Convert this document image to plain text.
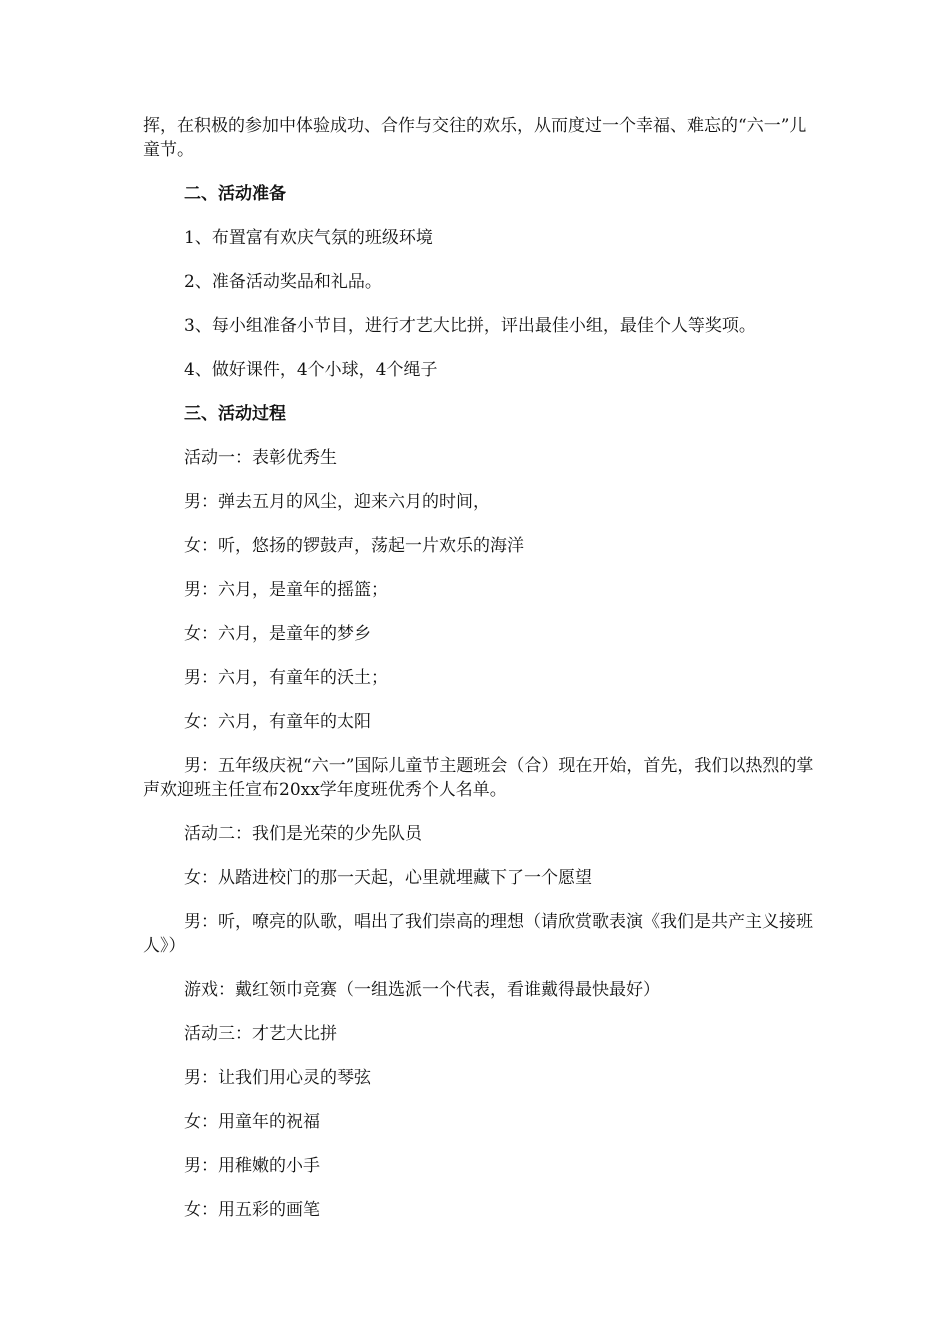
挥，在积极的参加中体验成功、合作与交往的欢乐，从而度过一个幸福、难忘的“六一”儿童节。

二、活动准备

1、布置富有欢庆气氛的班级环境

2、准备活动奖品和礼品。

3、每小组准备小节目，进行才艺大比拼，评出最佳小组，最佳个人等奖项。

4、做好课件，4个小球，4个绳子

三、活动过程

活动一：表彰优秀生

男：弹去五月的风尘，迎来六月的时间，

女：听，悠扬的锣鼓声，荡起一片欢乐的海洋

男：六月，是童年的摇篮；

女：六月，是童年的梦乡

男：六月，有童年的沃土；

女：六月，有童年的太阳

男：五年级庆祝“六一”国际儿童节主题班会（合）现在开始，首先，我们以热烈的掌声欢迎班主任宣布20xx学年度班优秀个人名单。

活动二：我们是光荣的少先队员

女：从踏进校门的那一天起，心里就埋藏下了一个愿望

男：听，嘹亮的队歌，唱出了我们崇高的理想（请欣赏歌表演《我们是共产主义接班人》）

游戏：戴红领巾竞赛（一组选派一个代表，看谁戴得最快最好）

活动三：才艺大比拼

男：让我们用心灵的琴弦

女：用童年的祝福

男：用稚嫩的小手

女：用五彩的画笔
